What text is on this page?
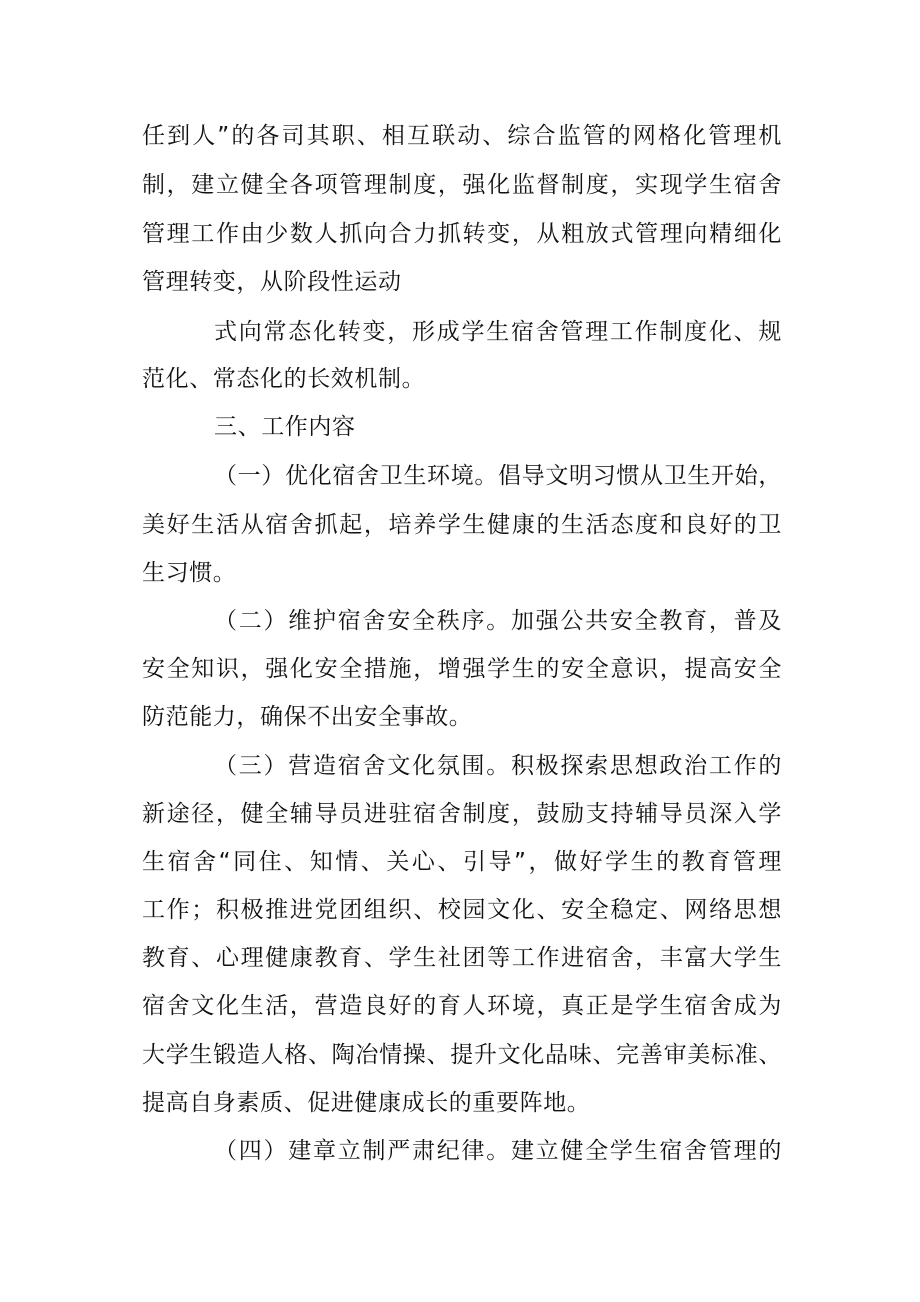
任到人”的各司其职、相互联动、综合监管的网格化管理机
制，建立健全各项管理制度，强化监督制度，实现学生宿舍
管理工作由少数人抓向合力抓转变，从粗放式管理向精细化
管理转变，从阶段性运动
式向常态化转变，形成学生宿舍管理工作制度化、规
范化、常态化的长效机制。
三、工作内容
（一）优化宿舍卫生环境。倡导文明习惯从卫生开始，
美好生活从宿舍抓起，培养学生健康的生活态度和良好的卫
生习惯。
（二）维护宿舍安全秩序。加强公共安全教育，普及
安全知识，强化安全措施，增强学生的安全意识，提高安全
防范能力，确保不出安全事故。
（三）营造宿舍文化氛围。积极探索思想政治工作的
新途径，健全辅导员进驻宿舍制度，鼓励支持辅导员深入学
生宿舍“同住、知情、关心、引导”，做好学生的教育管理
工作；积极推进党团组织、校园文化、安全稳定、网络思想
教育、心理健康教育、学生社团等工作进宿舍，丰富大学生
宿舍文化生活，营造良好的育人环境，真正是学生宿舍成为
大学生锻造人格、陶冶情操、提升文化品味、完善审美标准、
提高自身素质、促进健康成长的重要阵地。
（四）建章立制严肃纪律。建立健全学生宿舍管理的
